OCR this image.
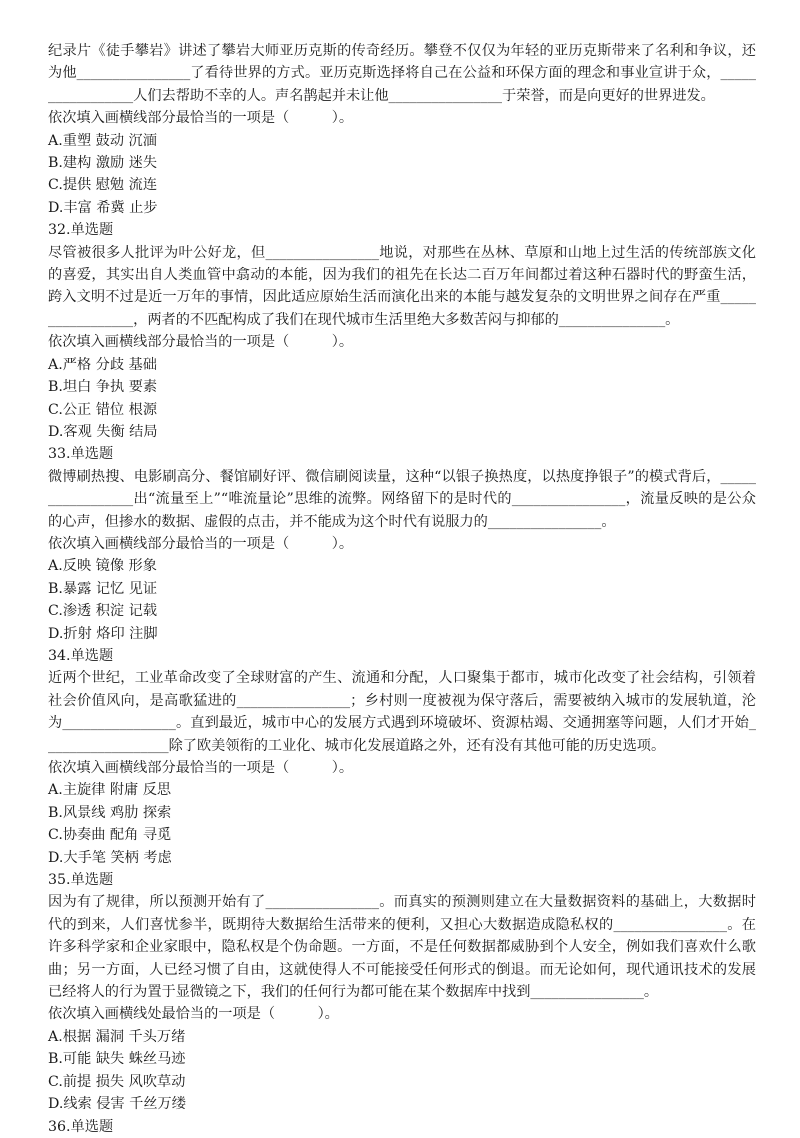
纪录片《徒手攀岩》讲述了攀岩大师亚历克斯的传奇经历。攀登不仅仅为年轻的亚历克斯带来了名利和争议，还为他________________了看待世界的方式。亚历克斯选择将自己在公益和环保方面的理念和事业宣讲于众，_________________人们去帮助不幸的人。声名鹊起并未让他________________于荣誉，而是向更好的世界进发。

依次填入画横线部分最恰当的一项是（　　　）。

A.重塑 鼓动 沉湎

B.建构 激励 迷失

C.提供 慰勉 流连

D.丰富 希冀 止步

32.单选题

尽管被很多人批评为叶公好龙，但________________地说，对那些在丛林、草原和山地上过生活的传统部族文化的喜爱，其实出自人类血管中翕动的本能，因为我们的祖先在长达二百万年间都过着这种石器时代的野蛮生活，跨入文明不过是近一万年的事情，因此适应原始生活而演化出来的本能与越发复杂的文明世界之间存在严重_________________，两者的不匹配构成了我们在现代城市生活里绝大多数苦闷与抑郁的_______________。

依次填入画横线部分最恰当的一项是（　　　）。

A.严格 分歧 基础

B.坦白 争执 要素

C.公正 错位 根源

D.客观 失衡 结局

33.单选题

微博刷热搜、电影刷高分、餐馆刷好评、微信刷阅读量，这种“以银子换热度，以热度挣银子”的模式背后，_________________出“流量至上”“唯流量论”思维的流弊。网络留下的是时代的________________，流量反映的是公众的心声，但掺水的数据、虚假的点击，并不能成为这个时代有说服力的________________。

依次填入画横线部分最恰当的一项是（　　　）。

A.反映 镜像 形象

B.暴露 记忆 见证

C.渗透 积淀 记载

D.折射 烙印 注脚

34.单选题

近两个世纪，工业革命改变了全球财富的产生、流通和分配，人口聚集于都市，城市化改变了社会结构，引领着社会价值风向，是高歌猛进的________________；乡村则一度被视为保守落后，需要被纳入城市的发展轨道，沦为________________。直到最近，城市中心的发展方式遇到环境破坏、资源枯竭、交通拥塞等问题，人们才开始__________________除了欧美领衔的工业化、城市化发展道路之外，还有没有其他可能的历史选项。

依次填入画横线部分最恰当的一项是（　　　）。

A.主旋律 附庸 反思

B.风景线 鸡肋 探索

C.协奏曲 配角 寻觅

D.大手笔 笑柄 考虑

35.单选题

因为有了规律，所以预测开始有了________________。而真实的预测则建立在大量数据资料的基础上，大数据时代的到来，人们喜忧参半，既期待大数据给生活带来的便利，又担心大数据造成隐私权的________________。在许多科学家和企业家眼中，隐私权是个伪命题。一方面，不是任何数据都威胁到个人安全，例如我们喜欢什么歌曲；另一方面，人已经习惯了自由，这就使得人不可能接受任何形式的倒退。而无论如何，现代通讯技术的发展已经将人的行为置于显微镜之下，我们的任何行为都可能在某个数据库中找到________________。

依次填入画横线处最恰当的一项是（　　　）。

A.根据 漏洞 千头万绪

B.可能 缺失 蛛丝马迹

C.前提 损失 风吹草动

D.线索 侵害 千丝万缕

36.单选题
